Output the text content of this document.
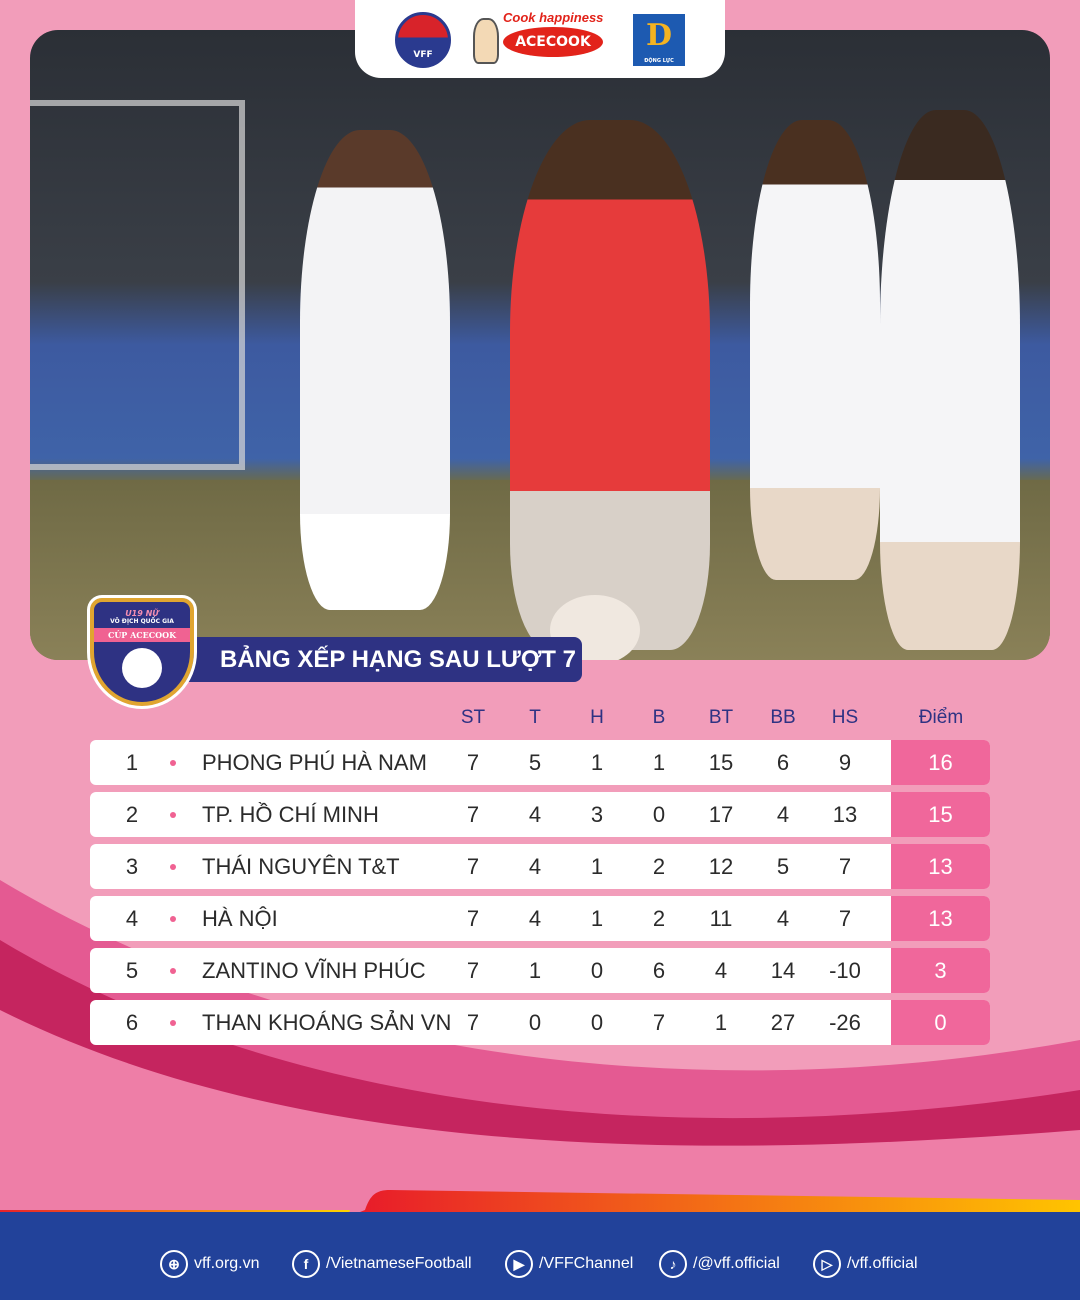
VFF
Cook happiness
ACECOOK	D
ĐỘNG LỰC
U19 NỮ
VÔ ĐỊCH QUỐC GIA
CÚP ACECOOK
BẢNG XẾP HẠNG SAU LƯỢT 7
ST T	H	B BT BB HS	Điểm
1	PHONG PHÚ HÀ NAM 7 5 1 1 15 6 9	16
2	TP. HỒ CHÍ MINH	7 4 3 0 17 4 13	15
3	THÁI NGUYÊN T&T	7 4 1 2 12 5 7	13
4	HÀ NỘI	7 4 1 2 11 4 7	13
5	ZANTINO VĨNH PHÚC 7 1 0 6 4 14 -10	3
6	THAN KHOÁNG SẢN VN 7 0 0 7 1 27 -26	0
⊕ vff.org.vn	f	/VietnameseFootball	▶ /VFFChannel	♪	/@vff.official	▷ /vff.official
